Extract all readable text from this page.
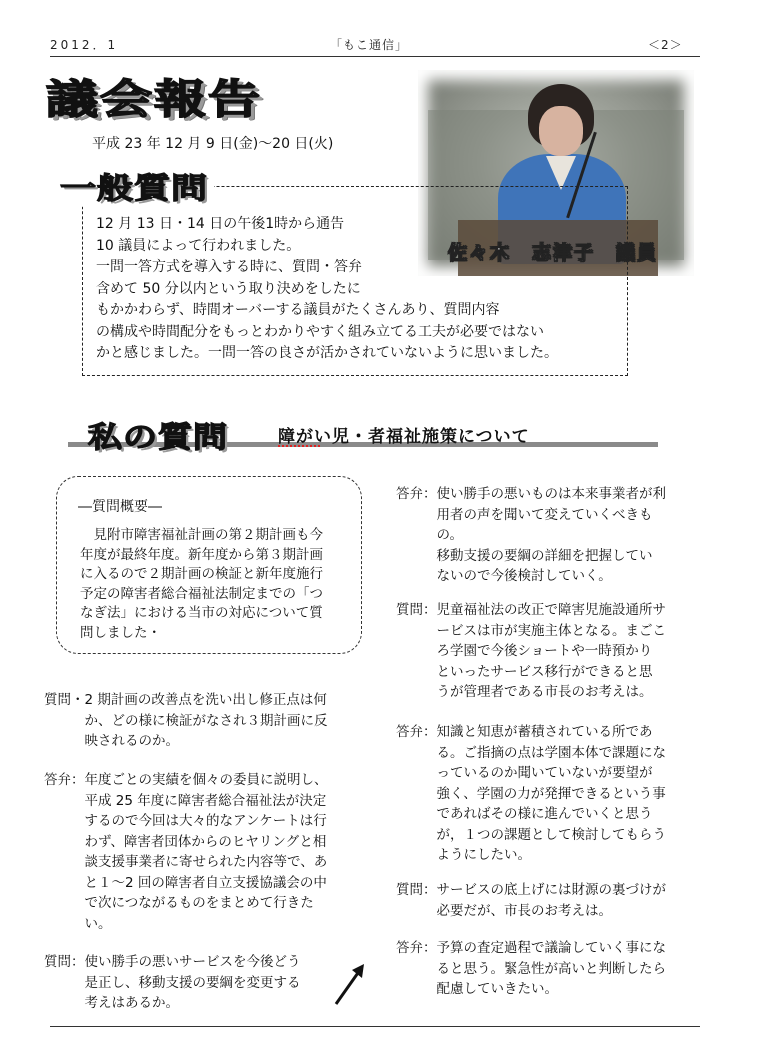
2012．1	「もこ通信」	＜2＞
議会報告
平成 23 年 12 月 9 日(金)～20 日(火)
佐々木　志津子　議員
一般質問
12 月 13 日・14 日の午後1時から通告
10 議員によって行われました。
一問一答方式を導入する時に、質問・答弁
含めて 50 分以内という取り決めをしたに
もかかわらず、時間オーバーする議員がたくさんあり、質問内容
の構成や時間配分をもっとわかりやすく組み立てる工夫が必要ではない
かと感じました。一問一答の良さが活かされていないように思いました。
私の質問	障がい児・者福祉施策について
―質問概要―
　見附市障害福祉計画の第２期計画も今
年度が最終年度。新年度から第３期計画
に入るので２期計画の検証と新年度施行
予定の障害者総合福祉法制定までの「つ
なぎ法」における当市の対応について質
問しました・
質問・ 2 期計画の改善点を洗い出し修正点は何
か、どの様に検証がなされ３期計画に反
映されるのか。
答弁： 年度ごとの実績を個々の委員に説明し、
平成 25 年度に障害者総合福祉法が決定
するので今回は大々的なアンケートは行
わず、障害者団体からのヒヤリングと相
談支援事業者に寄せられた内容等で、あ
と１～2 回の障害者自立支援協議会の中
で次につながるものをまとめて行きた
い。
質問： 使い勝手の悪いサービスを今後どう
是正し、移動支援の要綱を変更する
考えはあるか。
答弁： 使い勝手の悪いものは本来事業者が利
用者の声を聞いて変えていくべきも
の。
移動支援の要綱の詳細を把握してい
ないので今後検討していく。
質問： 児童福祉法の改正で障害児施設通所サ
ービスは市が実施主体となる。まごこ
ろ学園で今後ショートや一時預かり
といったサービス移行ができると思
うが管理者である市長のお考えは。
答弁： 知識と知恵が蓄積されている所であ
る。ご指摘の点は学園本体で課題にな
っているのか聞いていないが要望が
強く、学園の力が発揮できるという事
であればその様に進んでいくと思う
が，１つの課題として検討してもらう
ようにしたい。
質問： サービスの底上げには財源の裏づけが
必要だが、市長のお考えは。
答弁： 予算の査定過程で議論していく事にな
ると思う。緊急性が高いと判断したら
配慮していきたい。
